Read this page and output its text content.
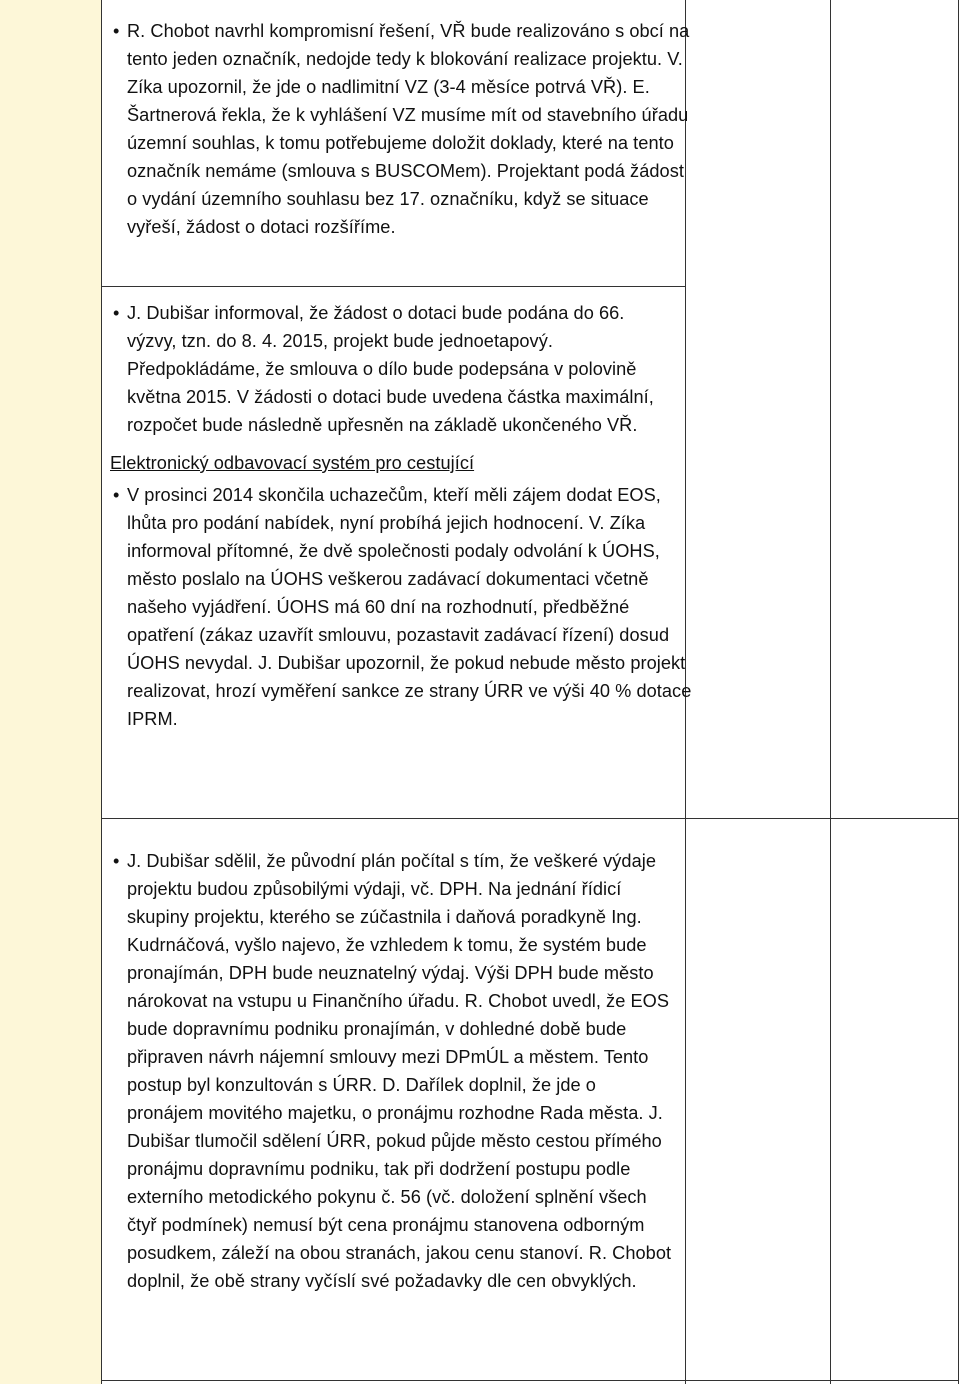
• R. Chobot navrhl kompromisní řešení, VŘ bude realizováno s obcí na tento jeden označník, nedojde tedy k blokování realizace projektu. V. Zíka upozornil, že jde o nadlimitní VZ (3-4 měsíce potrvá VŘ). E. Šartnerová řekla, že k vyhlášení VZ musíme mít od stavebního úřadu územní souhlas, k tomu potřebujeme doložit doklady, které na tento označník nemáme (smlouva s BUSCOMem). Projektant podá žádost o vydání územního souhlasu bez 17. označníku, když se situace vyřeší, žádost o dotaci rozšíříme.

• J. Dubišar informoval, že žádost o dotaci bude podána do 66. výzvy, tzn. do 8. 4. 2015, projekt bude jednoetapový. Předpokládáme, že smlouva o dílo bude podepsána v polovině května 2015. V žádosti o dotaci bude uvedena částka maximální, rozpočet bude následně upřesněn na základě ukončeného VŘ.

Elektronický odbavovací systém pro cestující

• V prosinci 2014 skončila uchazečům, kteří měli zájem dodat EOS, lhůta pro podání nabídek, nyní probíhá jejich hodnocení. V. Zíka informoval přítomné, že dvě společnosti podaly odvolání k ÚOHS, město poslalo na ÚOHS veškerou zadávací dokumentaci včetně našeho vyjádření. ÚOHS má 60 dní na rozhodnutí, předběžné opatření (zákaz uzavřít smlouvu, pozastavit zadávací řízení) dosud ÚOHS nevydal. J. Dubišar upozornil, že pokud nebude město projekt realizovat, hrozí vyměření sankce ze strany ÚRR ve výši 40 % dotace IPRM.

• J. Dubišar sdělil, že původní plán počítal s tím, že veškeré výdaje projektu budou způsobilými výdaji, vč. DPH. Na jednání řídicí skupiny projektu, kterého se zúčastnila i daňová poradkyně Ing. Kudrnáčová, vyšlo najevo, že vzhledem k tomu, že systém bude pronajímán, DPH bude neuznatelný výdaj. Výši DPH bude město nárokovat na vstupu u Finančního úřadu. R. Chobot uvedl, že EOS bude dopravnímu podniku pronajímán, v dohledné době bude připraven návrh nájemní smlouvy mezi DPmÚL a městem. Tento postup byl konzultován s ÚRR. D. Dařílek doplnil, že jde o pronájem movitého majetku, o pronájmu rozhodne Rada města. J. Dubišar tlumočil sdělení ÚRR, pokud půjde město cestou přímého pronájmu dopravnímu podniku, tak při dodržení postupu podle externího metodického pokynu č. 56 (vč. doložení splnění všech čtyř podmínek) nemusí být cena pronájmu stanovena odborným posudkem, záleží na obou stranách, jakou cenu stanoví. R. Chobot doplnil, že obě strany vyčíslí své požadavky dle cen obvyklých.
